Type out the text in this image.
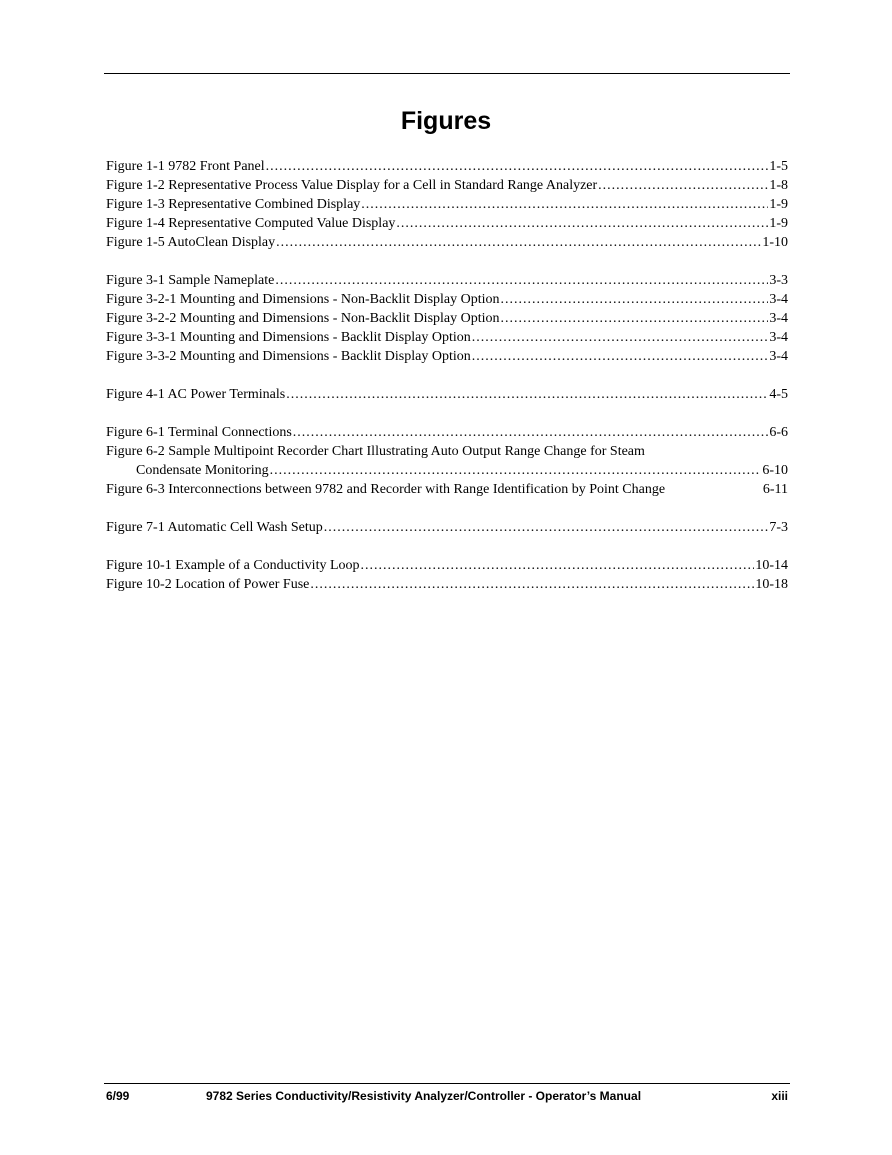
Figures
Figure 1-1 9782 Front Panel .....	1-5
Figure 1-2 Representative Process Value Display for a Cell in Standard Range Analyzer .....	1-8
Figure 1-3 Representative Combined Display .....	1-9
Figure 1-4 Representative Computed Value Display .....	1-9
Figure 1-5 AutoClean Display .....	1-10
Figure 3-1 Sample Nameplate .....	3-3
Figure 3-2-1 Mounting and Dimensions - Non-Backlit Display Option .....	3-4
Figure 3-2-2 Mounting and Dimensions - Non-Backlit Display Option .....	3-4
Figure 3-3-1 Mounting and Dimensions - Backlit Display Option .....	3-4
Figure 3-3-2 Mounting and Dimensions - Backlit Display Option .....	3-4
Figure 4-1 AC Power Terminals .....	4-5
Figure 6-1 Terminal Connections .....	6-6
Figure 6-2 Sample Multipoint Recorder Chart Illustrating Auto Output Range Change for Steam
Condensate Monitoring .....	6-10
Figure 6-3 Interconnections between 9782 and Recorder with Range Identification by Point Change	6-11
Figure 7-1 Automatic Cell Wash Setup .....	7-3
Figure 10-1 Example of a Conductivity Loop .....	10-14
Figure 10-2 Location of Power Fuse .....	10-18
6/99	9782 Series Conductivity/Resistivity Analyzer/Controller - Operator’s Manual	xiii
